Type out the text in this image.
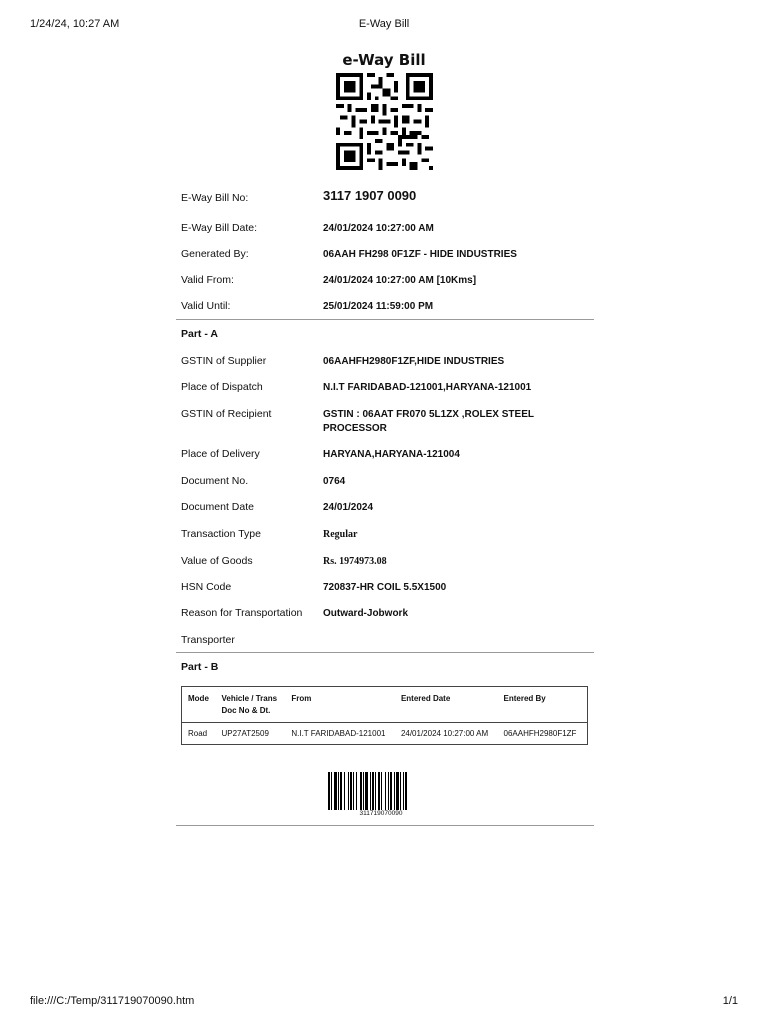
1/24/24, 10:27 AM	E-Way Bill
file:///C:/Temp/311719070090.htm	1/1
e-Way Bill
E-Way Bill No:	3117 1907 0090
E-Way Bill Date:	24/01/2024 10:27:00 AM
Generated By:	06AAH FH298 0F1ZF - HIDE INDUSTRIES
Valid From:	24/01/2024 10:27:00 AM [10Kms]
Valid Until:	25/01/2024 11:59:00 PM
Part - A
GSTIN of Supplier	06AAHFH2980F1ZF,HIDE INDUSTRIES
Place of Dispatch	N.I.T FARIDABAD-121001,HARYANA-121001
GSTIN of Recipient	GSTIN : 06AAT FR070 5L1ZX ,ROLEX STEEL PROCESSOR
Place of Delivery	HARYANA,HARYANA-121004
Document No.	0764
Document Date	24/01/2024
Transaction Type	Regular
Value of Goods	Rs. 1974973.08
HSN Code	720837-HR COIL 5.5X1500
Reason for Transportation Outward-Jobwork
Transporter
Part - B
Mode	Vehicle / Trans Doc No & Dt.	From	Entered Date	Entered By
Road	UP27AT2509	N.I.T FARIDABAD-121001	24/01/2024 10:27:00 AM	06AAHFH2980F1ZF
311719070090
